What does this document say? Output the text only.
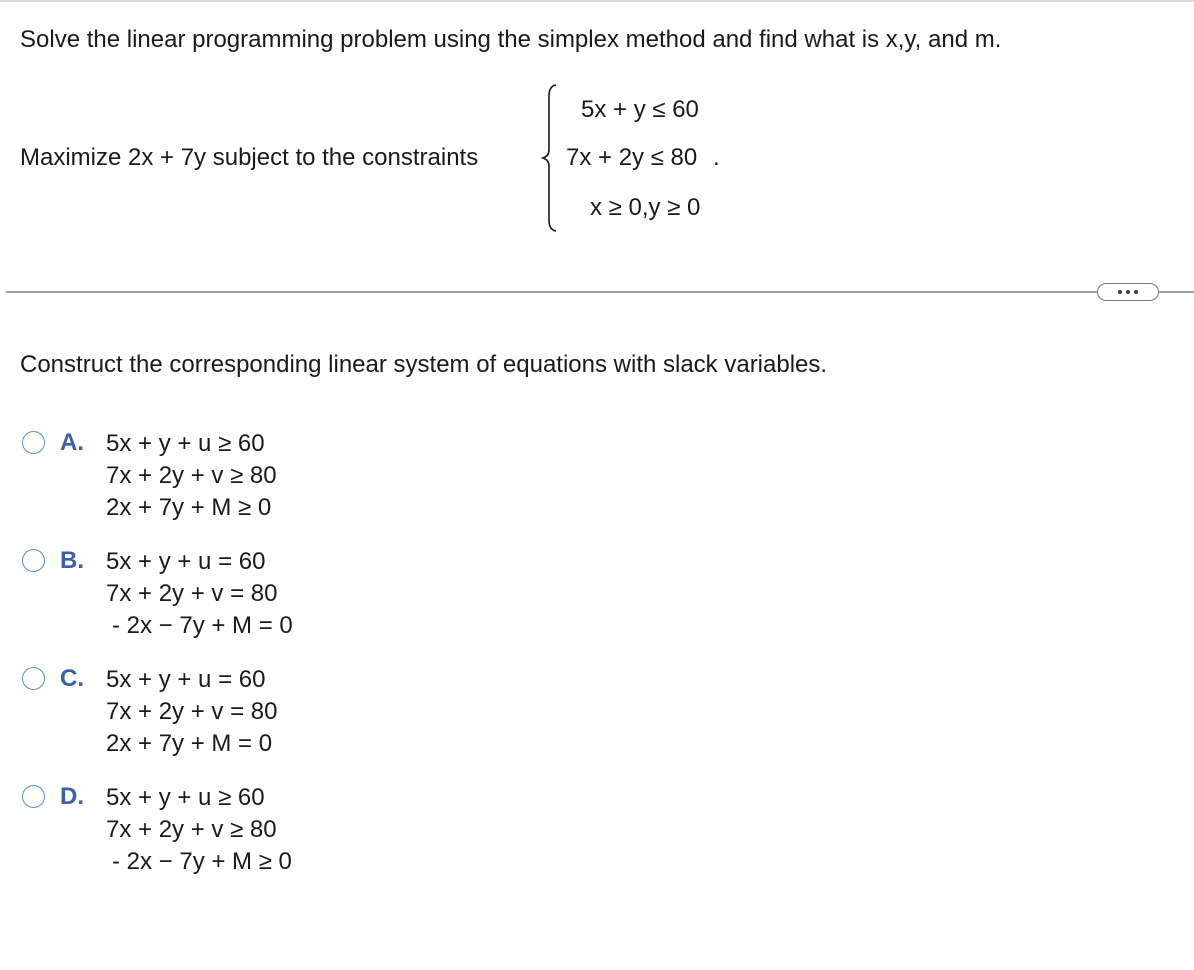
Solve the linear programming problem using the simplex method and find what is x,y, and m.
Maximize 2x + 7y subject to the constraints
5x + y ≤ 60
7x + 2y ≤ 80
x ≥ 0,y ≥ 0
.
Construct the corresponding linear system of equations with slack variables.
A. 5x + y + u ≥ 60
7x + 2y + v ≥ 80
2x + 7y + M ≥ 0
B. 5x + y + u = 60
7x + 2y + v = 80
- 2x − 7y + M = 0
C. 5x + y + u = 60
7x + 2y + v = 80
2x + 7y + M = 0
D. 5x + y + u ≥ 60
7x + 2y + v ≥ 80
- 2x − 7y + M ≥ 0
